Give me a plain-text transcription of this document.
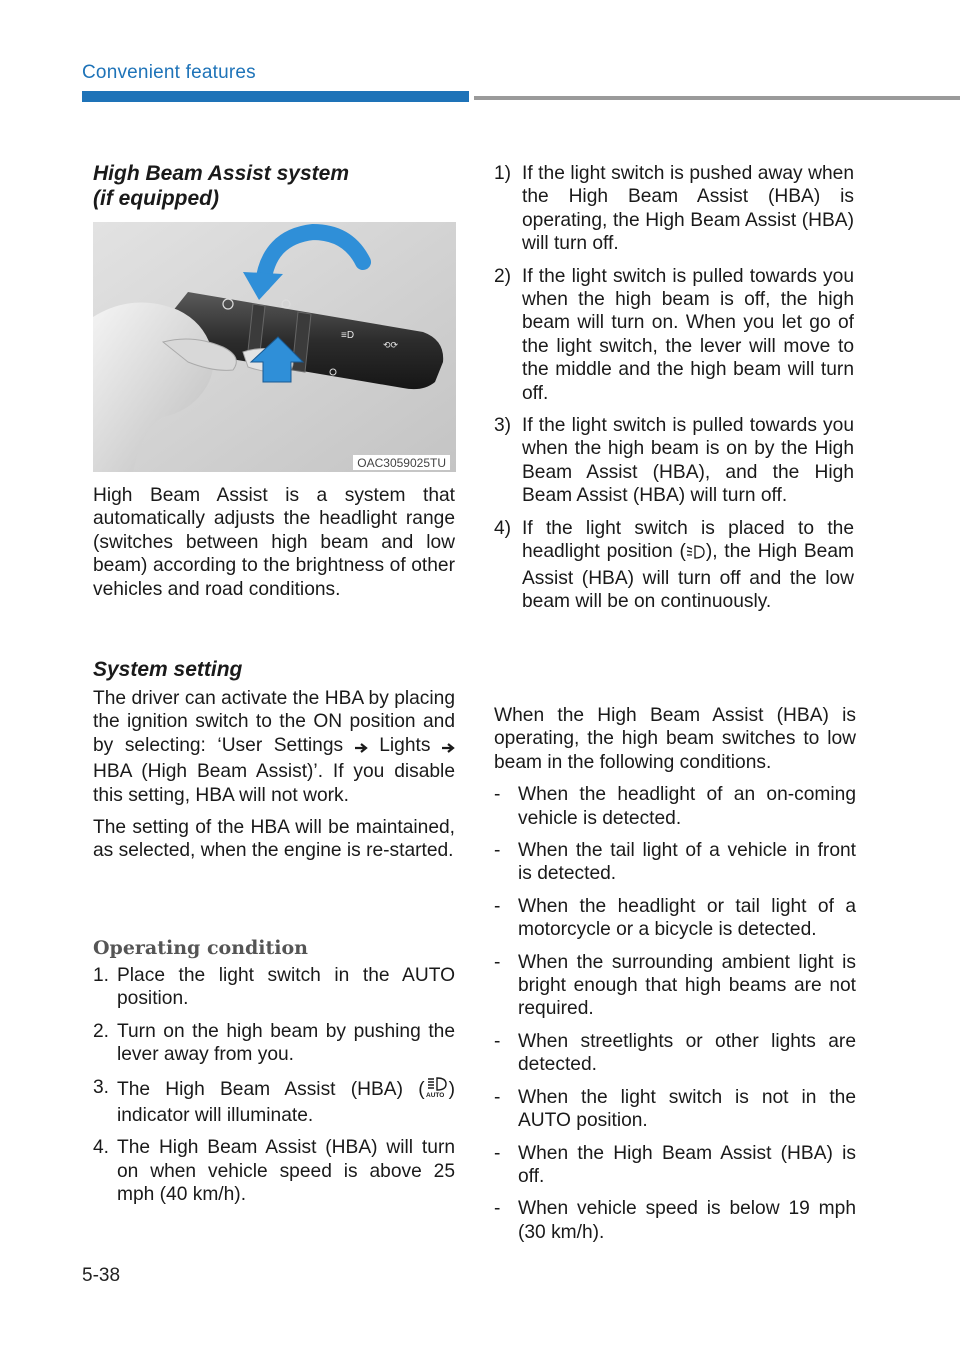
Convenient features
High Beam Assist system
(if equipped)
≡D
⟲⟳
OAC3059025TU

High Beam Assist is a system that automatically adjusts the headlight range (switches between high beam and low beam) according to the brightness of other vehicles and road conditions.

System setting

The driver can activate the HBA by placing the ignition switch to the ON position and by selecting: ‘User Settings Lights  HBA (High Beam Assist)’. If you disable this setting, HBA will not work.

The setting of the HBA will be maintained, as selected, when the engine is re-started.

Operating condition

1. Place the light switch in the AUTO position.

2. Turn on the high beam by pushing the lever away from you.

3. The High Beam Assist (HBA) ( AUTO ) indicator will illuminate.

4. The High Beam Assist (HBA) will turn on when vehicle speed is above 25 mph (40 km/h).

1) If the light switch is pushed away when the High Beam Assist (HBA) is operating, the High Beam Assist (HBA) will turn off.

2) If the light switch is pulled towards you when the high beam is off, the high beam will turn on. When you let go of the light switch, the lever will move to the middle and the high beam will turn off.

3) If the light switch is pulled towards you when the high beam is on by the High Beam Assist (HBA), and the High Beam Assist (HBA) will turn off.

4) If the light switch is placed to the headlight position ( ), the High Beam Assist (HBA) will turn off and the low beam will be on continuously.

When the High Beam Assist (HBA) is operating, the high beam switches to low beam in the following conditions.

- When the headlight of an on-coming vehicle is detected.

- When the tail light of a vehicle in front is detected.

- When the headlight or tail light of a motorcycle or a bicycle is detected.

- When the surrounding ambient light is bright enough that high beams are not required.

- When streetlights or other lights are detected.

- When the light switch is not in the AUTO position.

- When the High Beam Assist (HBA) is off.

- When vehicle speed is below 19 mph (30 km/h).

5-38
